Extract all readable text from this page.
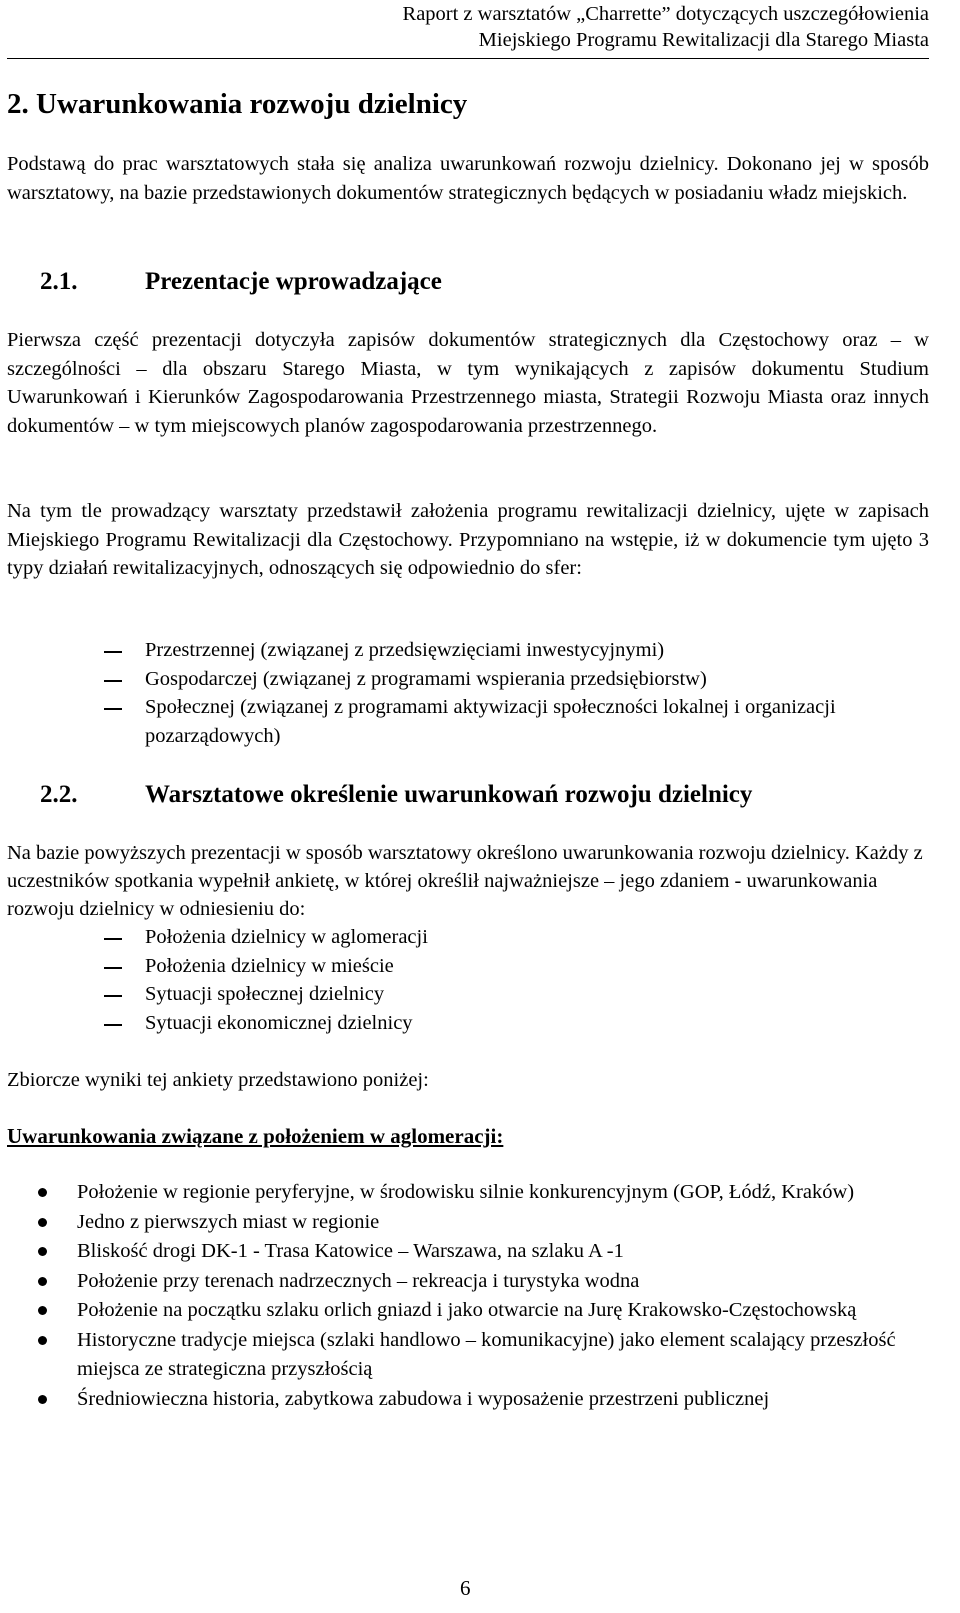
Raport z warsztatów „Charrette” dotyczących uszczegółowienia
Miejskiego Programu Rewitalizacji dla Starego Miasta
2. Uwarunkowania rozwoju dzielnicy
Podstawą do prac warsztatowych stała się analiza uwarunkowań rozwoju dzielnicy. Dokonano jej w sposób warsztatowy, na bazie przedstawionych dokumentów strategicznych będących w posiadaniu władz miejskich.
2.1.	Prezentacje wprowadzające
Pierwsza część prezentacji dotyczyła zapisów dokumentów strategicznych dla Częstochowy oraz – w szczególności – dla obszaru Starego Miasta, w tym wynikających z zapisów dokumentu Studium Uwarunkowań i Kierunków Zagospodarowania Przestrzennego miasta, Strategii Rozwoju Miasta oraz innych dokumentów – w tym miejscowych planów zagospodarowania przestrzennego.
Na tym tle prowadzący warsztaty przedstawił założenia programu rewitalizacji dzielnicy, ujęte w zapisach Miejskiego Programu Rewitalizacji dla Częstochowy. Przypomniano na wstępie, iż w dokumencie tym ujęto 3 typy działań rewitalizacyjnych, odnoszących się odpowiednio do sfer:
Przestrzennej (związanej z przedsięwzięciami inwestycyjnymi)
Gospodarczej (związanej z programami wspierania przedsiębiorstw)
Społecznej (związanej z programami aktywizacji społeczności lokalnej i organizacji pozarządowych)
2.2.	Warsztatowe określenie uwarunkowań rozwoju dzielnicy
Na bazie powyższych prezentacji w sposób warsztatowy określono uwarunkowania rozwoju dzielnicy. Każdy z uczestników spotkania wypełnił ankietę, w której określił najważniejsze – jego zdaniem - uwarunkowania rozwoju dzielnicy w odniesieniu do:
Położenia dzielnicy w aglomeracji
Położenia dzielnicy w mieście
Sytuacji społecznej dzielnicy
Sytuacji ekonomicznej dzielnicy
Zbiorcze wyniki tej ankiety przedstawiono poniżej:
Uwarunkowania związane z położeniem w aglomeracji:
Położenie w regionie peryferyjne, w środowisku silnie konkurencyjnym (GOP, Łódź, Kraków)
Jedno z pierwszych miast w regionie
Bliskość drogi DK-1 - Trasa Katowice – Warszawa, na szlaku A -1
Położenie przy terenach nadrzecznych – rekreacja i turystyka wodna
Położenie na początku szlaku orlich gniazd i jako otwarcie na Jurę Krakowsko-Częstochowską
Historyczne tradycje miejsca (szlaki handlowo – komunikacyjne) jako element scalający przeszłość miejsca ze strategiczna przyszłością
Średniowieczna historia, zabytkowa zabudowa i wyposażenie przestrzeni publicznej
6
